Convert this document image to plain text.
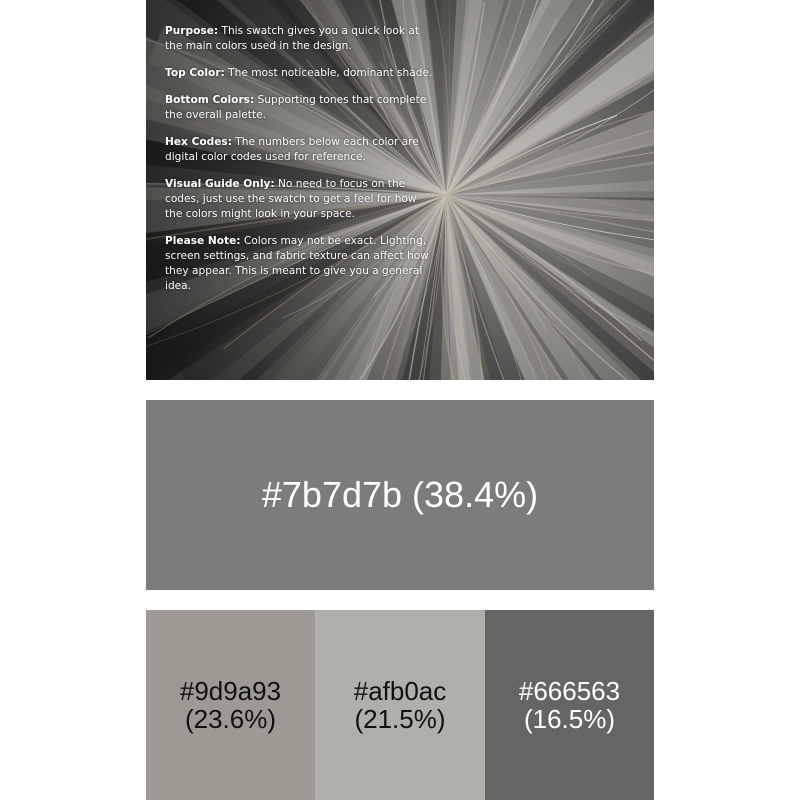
Purpose: This swatch gives you a quick look at the main colors used in the design.

Top Color: The most noticeable, dominant shade.

Bottom Colors: Supporting tones that complete the overall palette.

Hex Codes: The numbers below each color are digital color codes used for reference.

Visual Guide Only: No need to focus on the codes, just use the swatch to get a feel for how the colors might look in your space.

Please Note: Colors may not be exact. Lighting, screen settings, and fabric texture can affect how they appear. This is meant to give you a general idea.

#7b7d7b (38.4%)
#9d9a93
(23.6%)
#afb0ac
(21.5%)
#666563
(16.5%)
